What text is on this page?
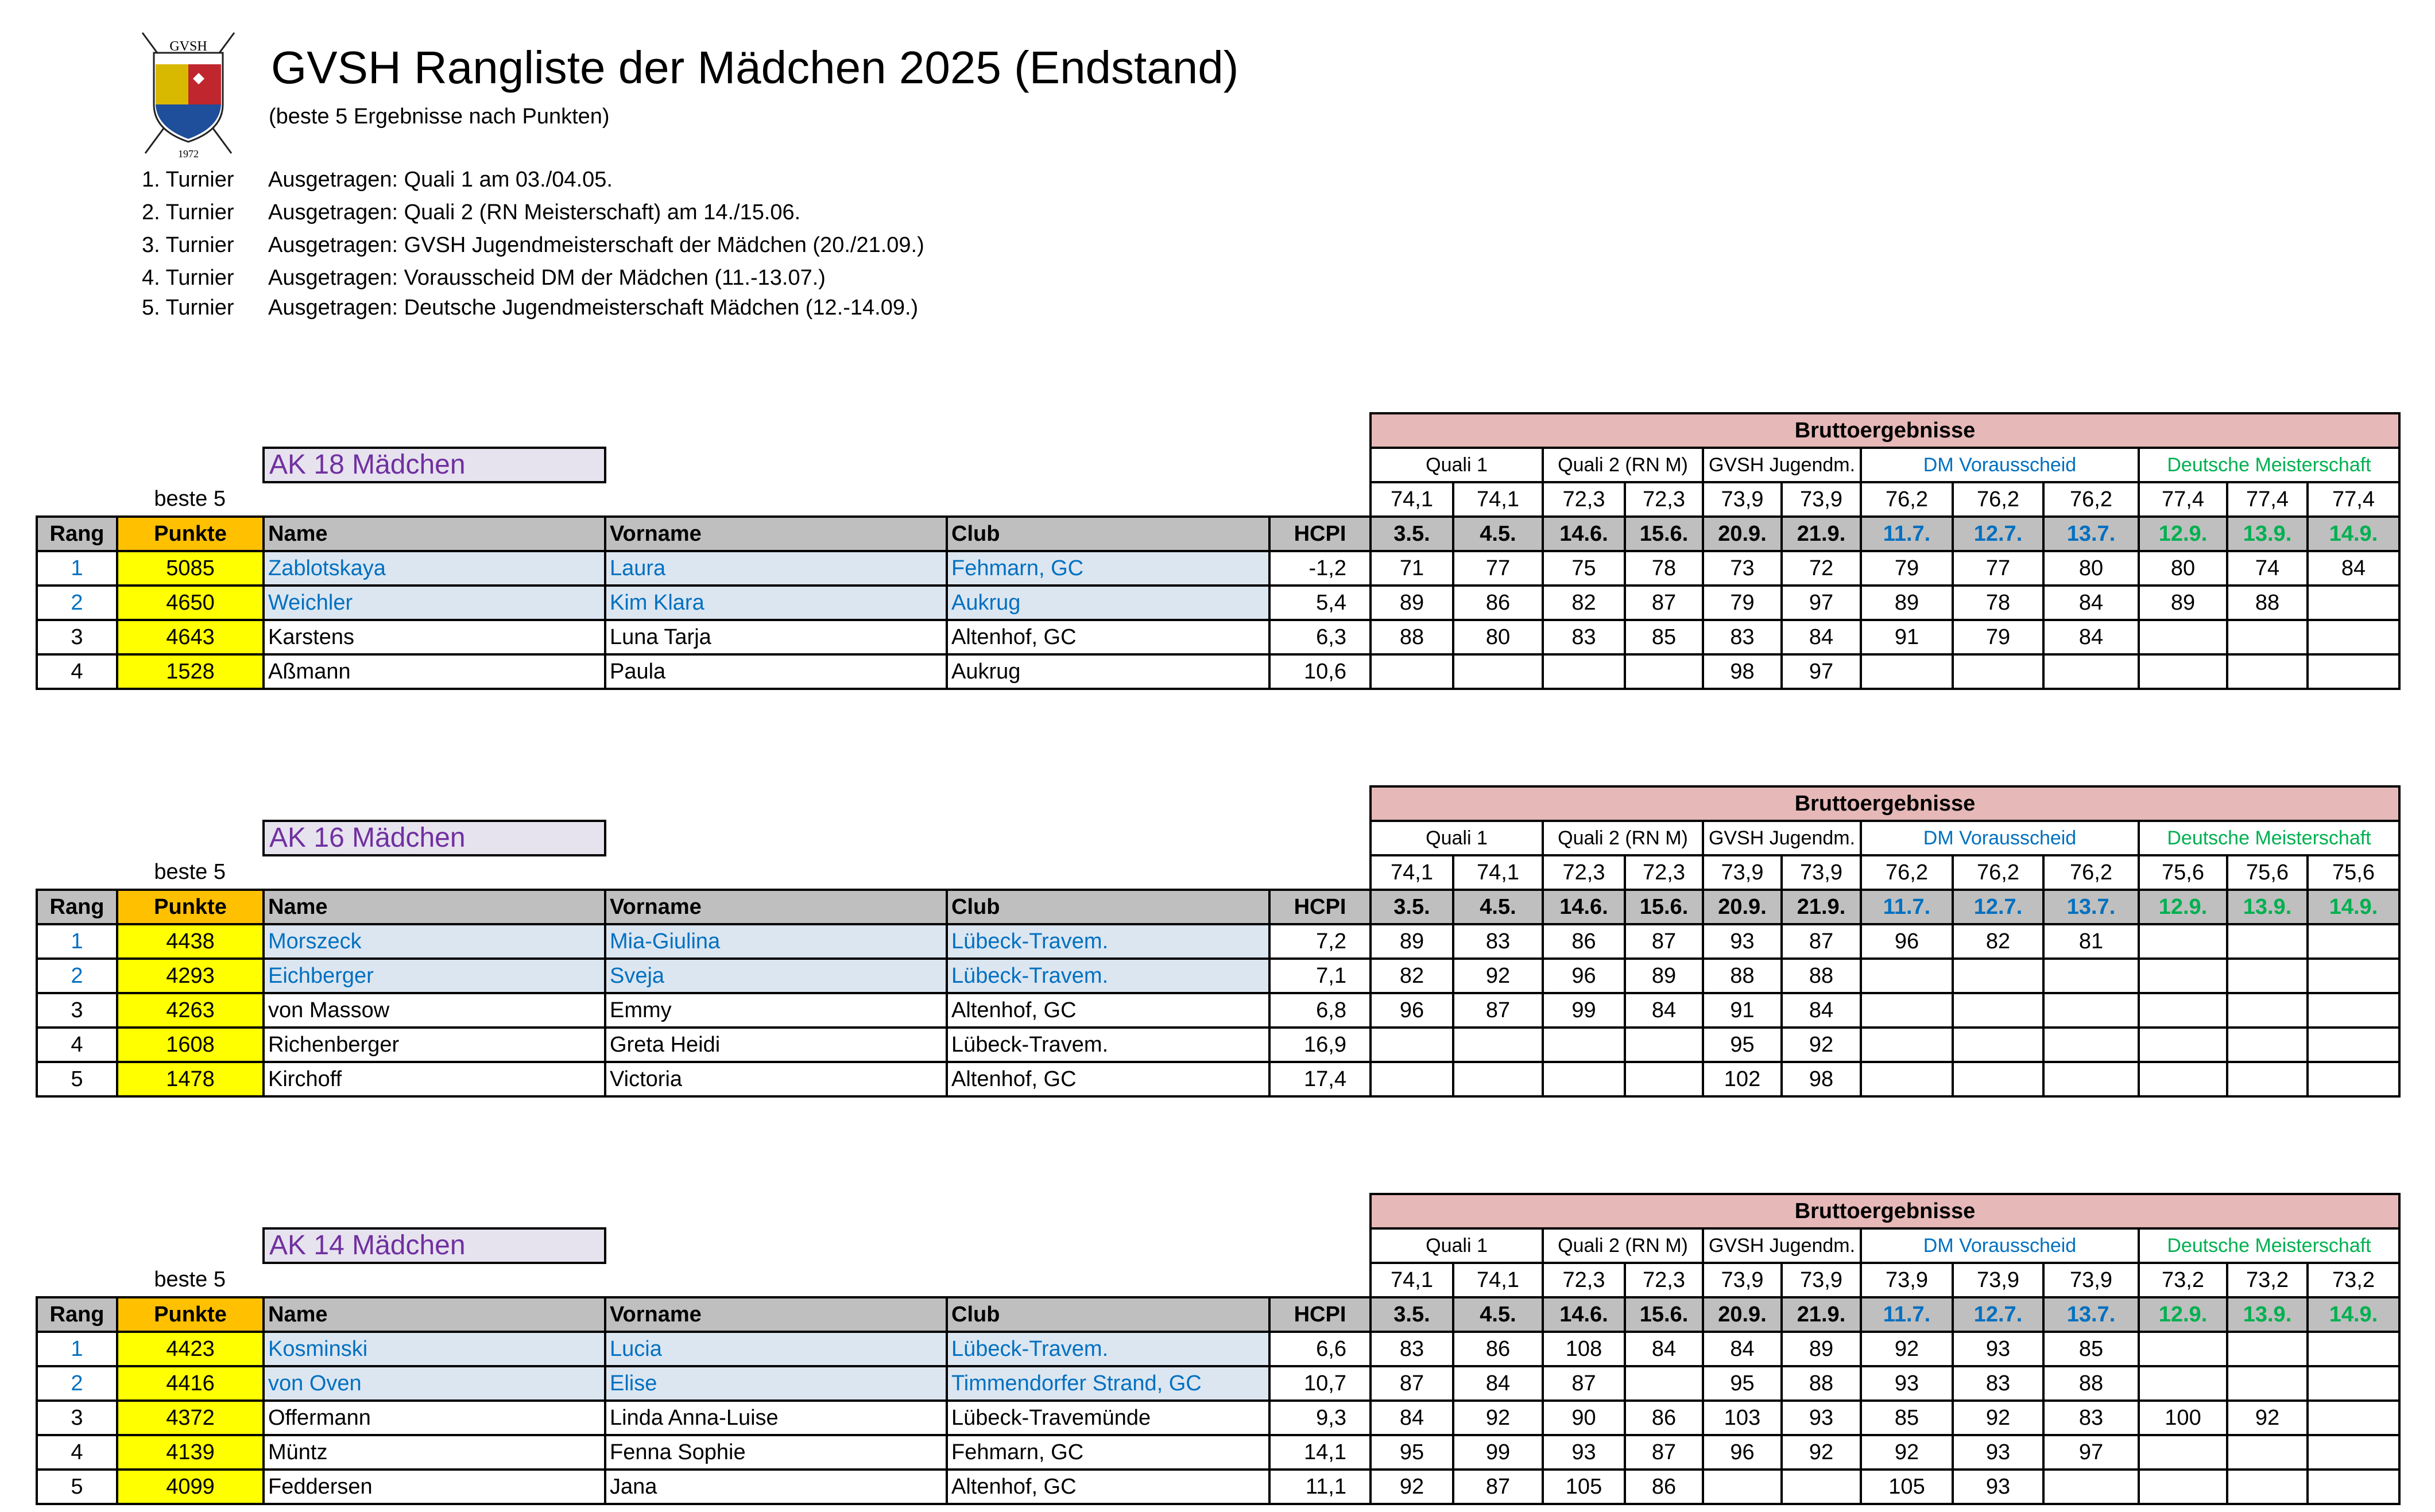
GVSH
1972
GVSH Rangliste der Mädchen 2025 (Endstand)
(beste 5 Ergebnisse nach Punkten)
1. Turnier Ausgetragen: Quali 1 am 03./04.05.
2. Turnier Ausgetragen: Quali 2 (RN Meisterschaft) am 14./15.06.
3. Turnier Ausgetragen: GVSH Jugendmeisterschaft der Mädchen (20./21.09.)
4. Turnier Ausgetragen: Vorausscheid DM der Mädchen (11.-13.07.)
5. Turnier Ausgetragen: Deutsche Jugendmeisterschaft Mädchen (12.-14.09.)
						Bruttoergebnisse											
		AK 18 Mädchen				Quali 1		Quali 2 (RN M)		GVSH Jugendm.		DM Vorausscheid			Deutsche Meisterschaft		
beste 5						74,1	74,1	72,3	72,3	73,9	73,9	76,2	76,2	76,2	77,4	77,4	77,4
Rang	Punkte	Name	Vorname	Club	HCPI	3.5.	4.5.	14.6.	15.6.	20.9.	21.9.	11.7.	12.7.	13.7.	12.9.	13.9.	14.9.
1	5085	Zablotskaya	Laura	Fehmarn, GC	-1,2	71	77	75	78	73	72	79	77	80	80	74	84
2	4650	Weichler	Kim Klara	Aukrug	5,4	89	86	82	87	79	97	89	78	84	89	88	
3	4643	Karstens	Luna Tarja	Altenhof, GC	6,3	88	80	83	85	83	84	91	79	84			
4	1528	Aßmann	Paula	Aukrug	10,6					98	97						
						Bruttoergebnisse											
		AK 16 Mädchen				Quali 1		Quali 2 (RN M)		GVSH Jugendm.		DM Vorausscheid			Deutsche Meisterschaft		
beste 5						74,1	74,1	72,3	72,3	73,9	73,9	76,2	76,2	76,2	75,6	75,6	75,6
Rang	Punkte	Name	Vorname	Club	HCPI	3.5.	4.5.	14.6.	15.6.	20.9.	21.9.	11.7.	12.7.	13.7.	12.9.	13.9.	14.9.
1	4438	Morszeck	Mia-Giulina	Lübeck-Travem.	7,2	89	83	86	87	93	87	96	82	81			
2	4293	Eichberger	Sveja	Lübeck-Travem.	7,1	82	92	96	89	88	88						
3	4263	von Massow	Emmy	Altenhof, GC	6,8	96	87	99	84	91	84						
4	1608	Richenberger	Greta Heidi	Lübeck-Travem.	16,9					95	92						
5	1478	Kirchoff	Victoria	Altenhof, GC	17,4					102	98						
						Bruttoergebnisse											
		AK 14 Mädchen				Quali 1		Quali 2 (RN M)		GVSH Jugendm.		DM Vorausscheid			Deutsche Meisterschaft		
beste 5						74,1	74,1	72,3	72,3	73,9	73,9	73,9	73,9	73,9	73,2	73,2	73,2
Rang	Punkte	Name	Vorname	Club	HCPI	3.5.	4.5.	14.6.	15.6.	20.9.	21.9.	11.7.	12.7.	13.7.	12.9.	13.9.	14.9.
1	4423	Kosminski	Lucia	Lübeck-Travem.	6,6	83	86	108	84	84	89	92	93	85			
2	4416	von Oven	Elise	Timmendorfer Strand, GC	10,7	87	84	87		95	88	93	83	88			
3	4372	Offermann	Linda Anna-Luise	Lübeck-Travemünde	9,3	84	92	90	86	103	93	85	92	83	100	92	
4	4139	Müntz	Fenna Sophie	Fehmarn, GC	14,1	95	99	93	87	96	92	92	93	97			
5	4099	Feddersen	Jana	Altenhof, GC	11,1	92	87	105	86			105	93				
